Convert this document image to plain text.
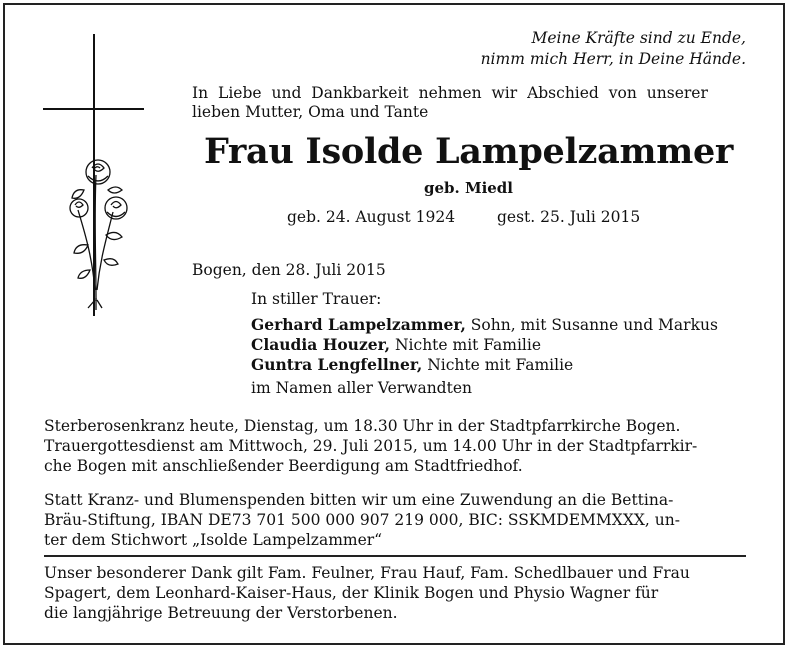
Meine Kräfte sind zu Ende,
nimm mich Herr, in Deine Hände.
In Liebe und Dankbarkeit nehmen wir Abschied von unserer
lieben Mutter, Oma und Tante
Frau Isolde Lampelzammer
geb. Miedl
geb. 24. August 1924	gest. 25. Juli 2015
Bogen, den 28. Juli 2015
In stiller Trauer:
Gerhard Lampelzammer, Sohn, mit Susanne und Markus
Claudia Houzer, Nichte mit Familie
Guntra Lengfellner, Nichte mit Familie
im Namen aller Verwandten
Sterberosenkranz heute, Dienstag, um 18.30 Uhr in der Stadtpfarrkirche Bogen.
Trauergottesdienst am Mittwoch, 29. Juli 2015, um 14.00 Uhr in der Stadtpfarrkir-
che Bogen mit anschließender Beerdigung am Stadtfriedhof.
Statt Kranz- und Blumenspenden bitten wir um eine Zuwendung an die Bettina-
Bräu-Stiftung, IBAN DE73 701 500 000 907 219 000, BIC: SSKMDEMMXXX, un-
ter dem Stichwort „Isolde Lampelzammer“
Unser besonderer Dank gilt Fam. Feulner, Frau Hauf, Fam. Schedlbauer und Frau
Spagert, dem Leonhard-Kaiser-Haus, der Klinik Bogen und Physio Wagner für
die langjährige Betreuung der Verstorbenen.
